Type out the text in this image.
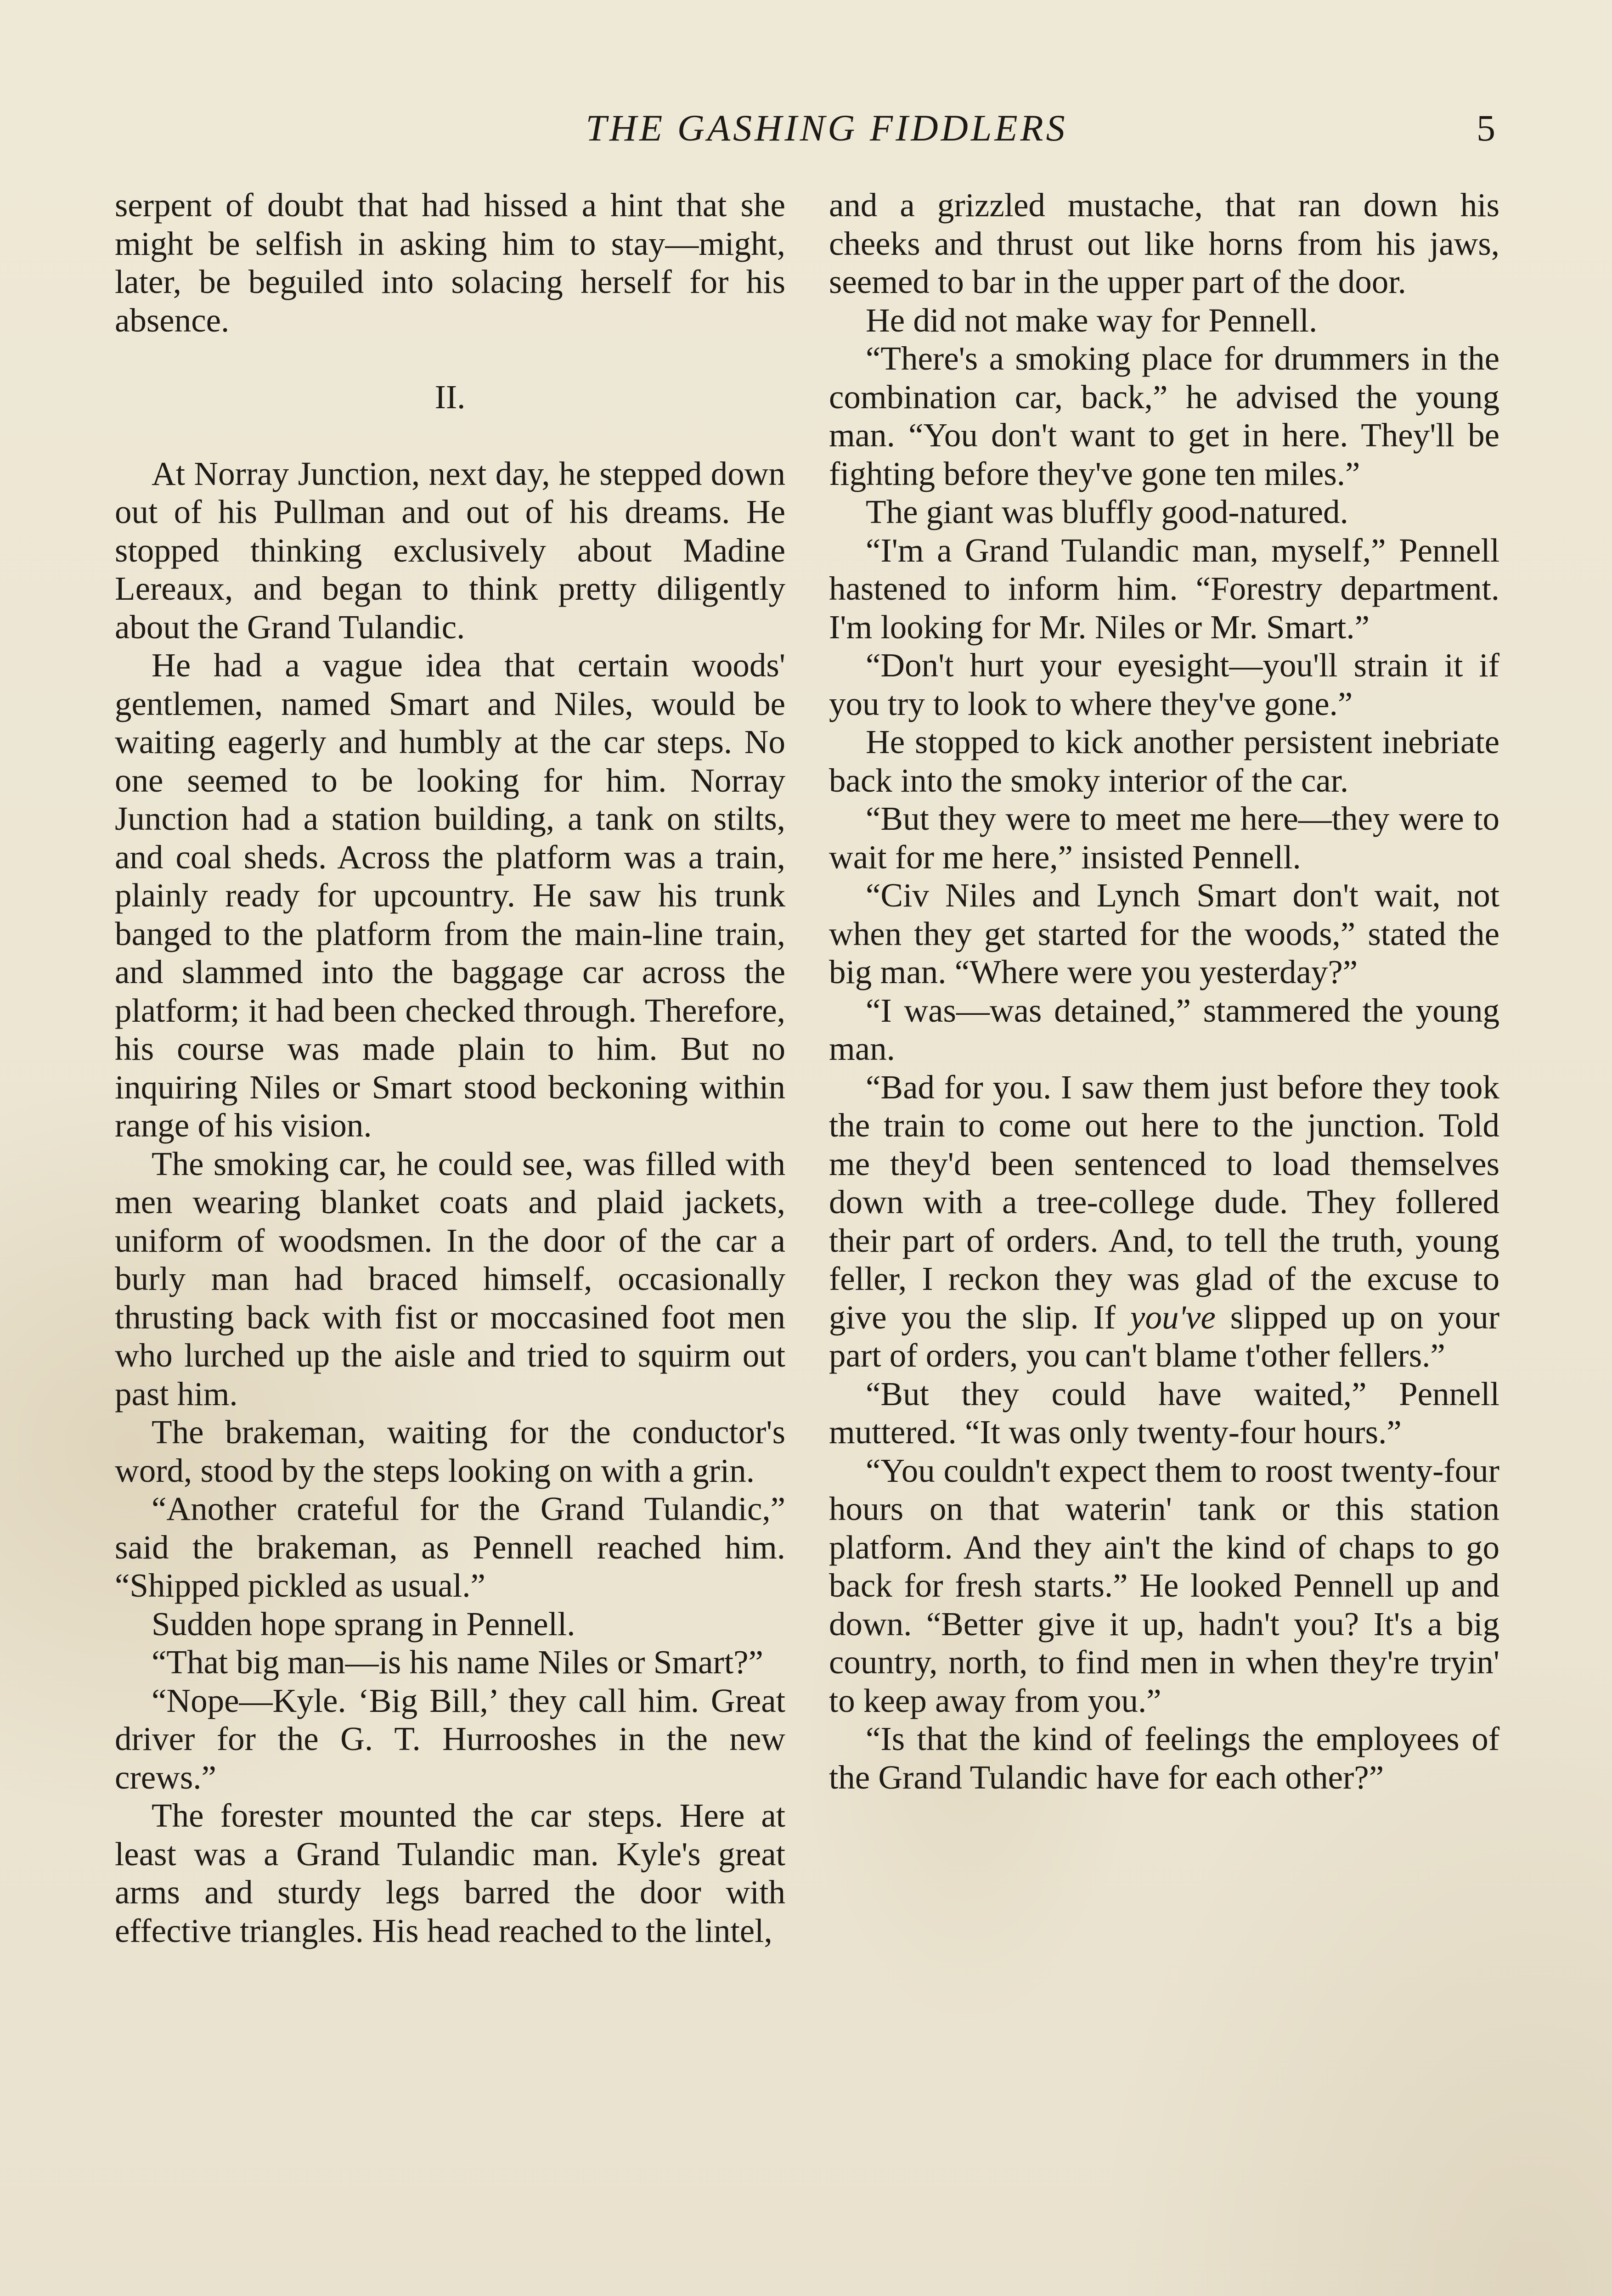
THE GASHING FIDDLERS	5

serpent of doubt that had hissed a hint that she might be selfish in asking him to stay—might, later, be beguiled into solacing herself for his absence.

II.

At Norray Junction, next day, he stepped down out of his Pullman and out of his dreams. He stopped thinking exclusively about Madine Lereaux, and began to think pretty diligently about the Grand Tulandic.

He had a vague idea that certain woods' gentlemen, named Smart and Niles, would be waiting eagerly and humbly at the car steps. No one seemed to be looking for him. Norray Junction had a station building, a tank on stilts, and coal sheds. Across the platform was a train, plainly ready for upcountry. He saw his trunk banged to the platform from the main-line train, and slammed into the baggage car across the platform; it had been checked through. Therefore, his course was made plain to him. But no inquiring Niles or Smart stood beckoning within range of his vision.

The smoking car, he could see, was filled with men wearing blanket coats and plaid jackets, uniform of woodsmen. In the door of the car a burly man had braced himself, occasionally thrusting back with fist or moccasined foot men who lurched up the aisle and tried to squirm out past him.

The brakeman, waiting for the conductor's word, stood by the steps looking on with a grin.

“Another crateful for the Grand Tulandic,” said the brakeman, as Pennell reached him. “Shipped pickled as usual.”

Sudden hope sprang in Pennell.

“That big man—is his name Niles or Smart?”

“Nope—Kyle. ‘Big Bill,’ they call him. Great driver for the G. T. Hurrooshes in the new crews.”

The forester mounted the car steps. Here at least was a Grand Tulandic man. Kyle's great arms and sturdy legs barred the door with effective triangles. His head reached to the lintel,

and a grizzled mustache, that ran down his cheeks and thrust out like horns from his jaws, seemed to bar in the upper part of the door.

He did not make way for Pennell.

“There's a smoking place for drummers in the combination car, back,” he advised the young man. “You don't want to get in here. They'll be fighting before they've gone ten miles.”

The giant was bluffly good-natured.

“I'm a Grand Tulandic man, myself,” Pennell hastened to inform him. “Forestry department. I'm looking for Mr. Niles or Mr. Smart.”

“Don't hurt your eyesight—you'll strain it if you try to look to where they've gone.”

He stopped to kick another persistent inebriate back into the smoky interior of the car.

“But they were to meet me here—they were to wait for me here,” insisted Pennell.

“Civ Niles and Lynch Smart don't wait, not when they get started for the woods,” stated the big man. “Where were you yesterday?”

“I was—was detained,” stammered the young man.

“Bad for you. I saw them just before they took the train to come out here to the junction. Told me they'd been sentenced to load themselves down with a tree-college dude. They follered their part of orders. And, to tell the truth, young feller, I reckon they was glad of the excuse to give you the slip. If you've slipped up on your part of orders, you can't blame t'other fellers.”

“But they could have waited,” Pennell muttered. “It was only twenty-four hours.”

“You couldn't expect them to roost twenty-four hours on that waterin' tank or this station platform. And they ain't the kind of chaps to go back for fresh starts.” He looked Pennell up and down. “Better give it up, hadn't you? It's a big country, north, to find men in when they're tryin' to keep away from you.”

“Is that the kind of feelings the employees of the Grand Tulandic have for each other?”
